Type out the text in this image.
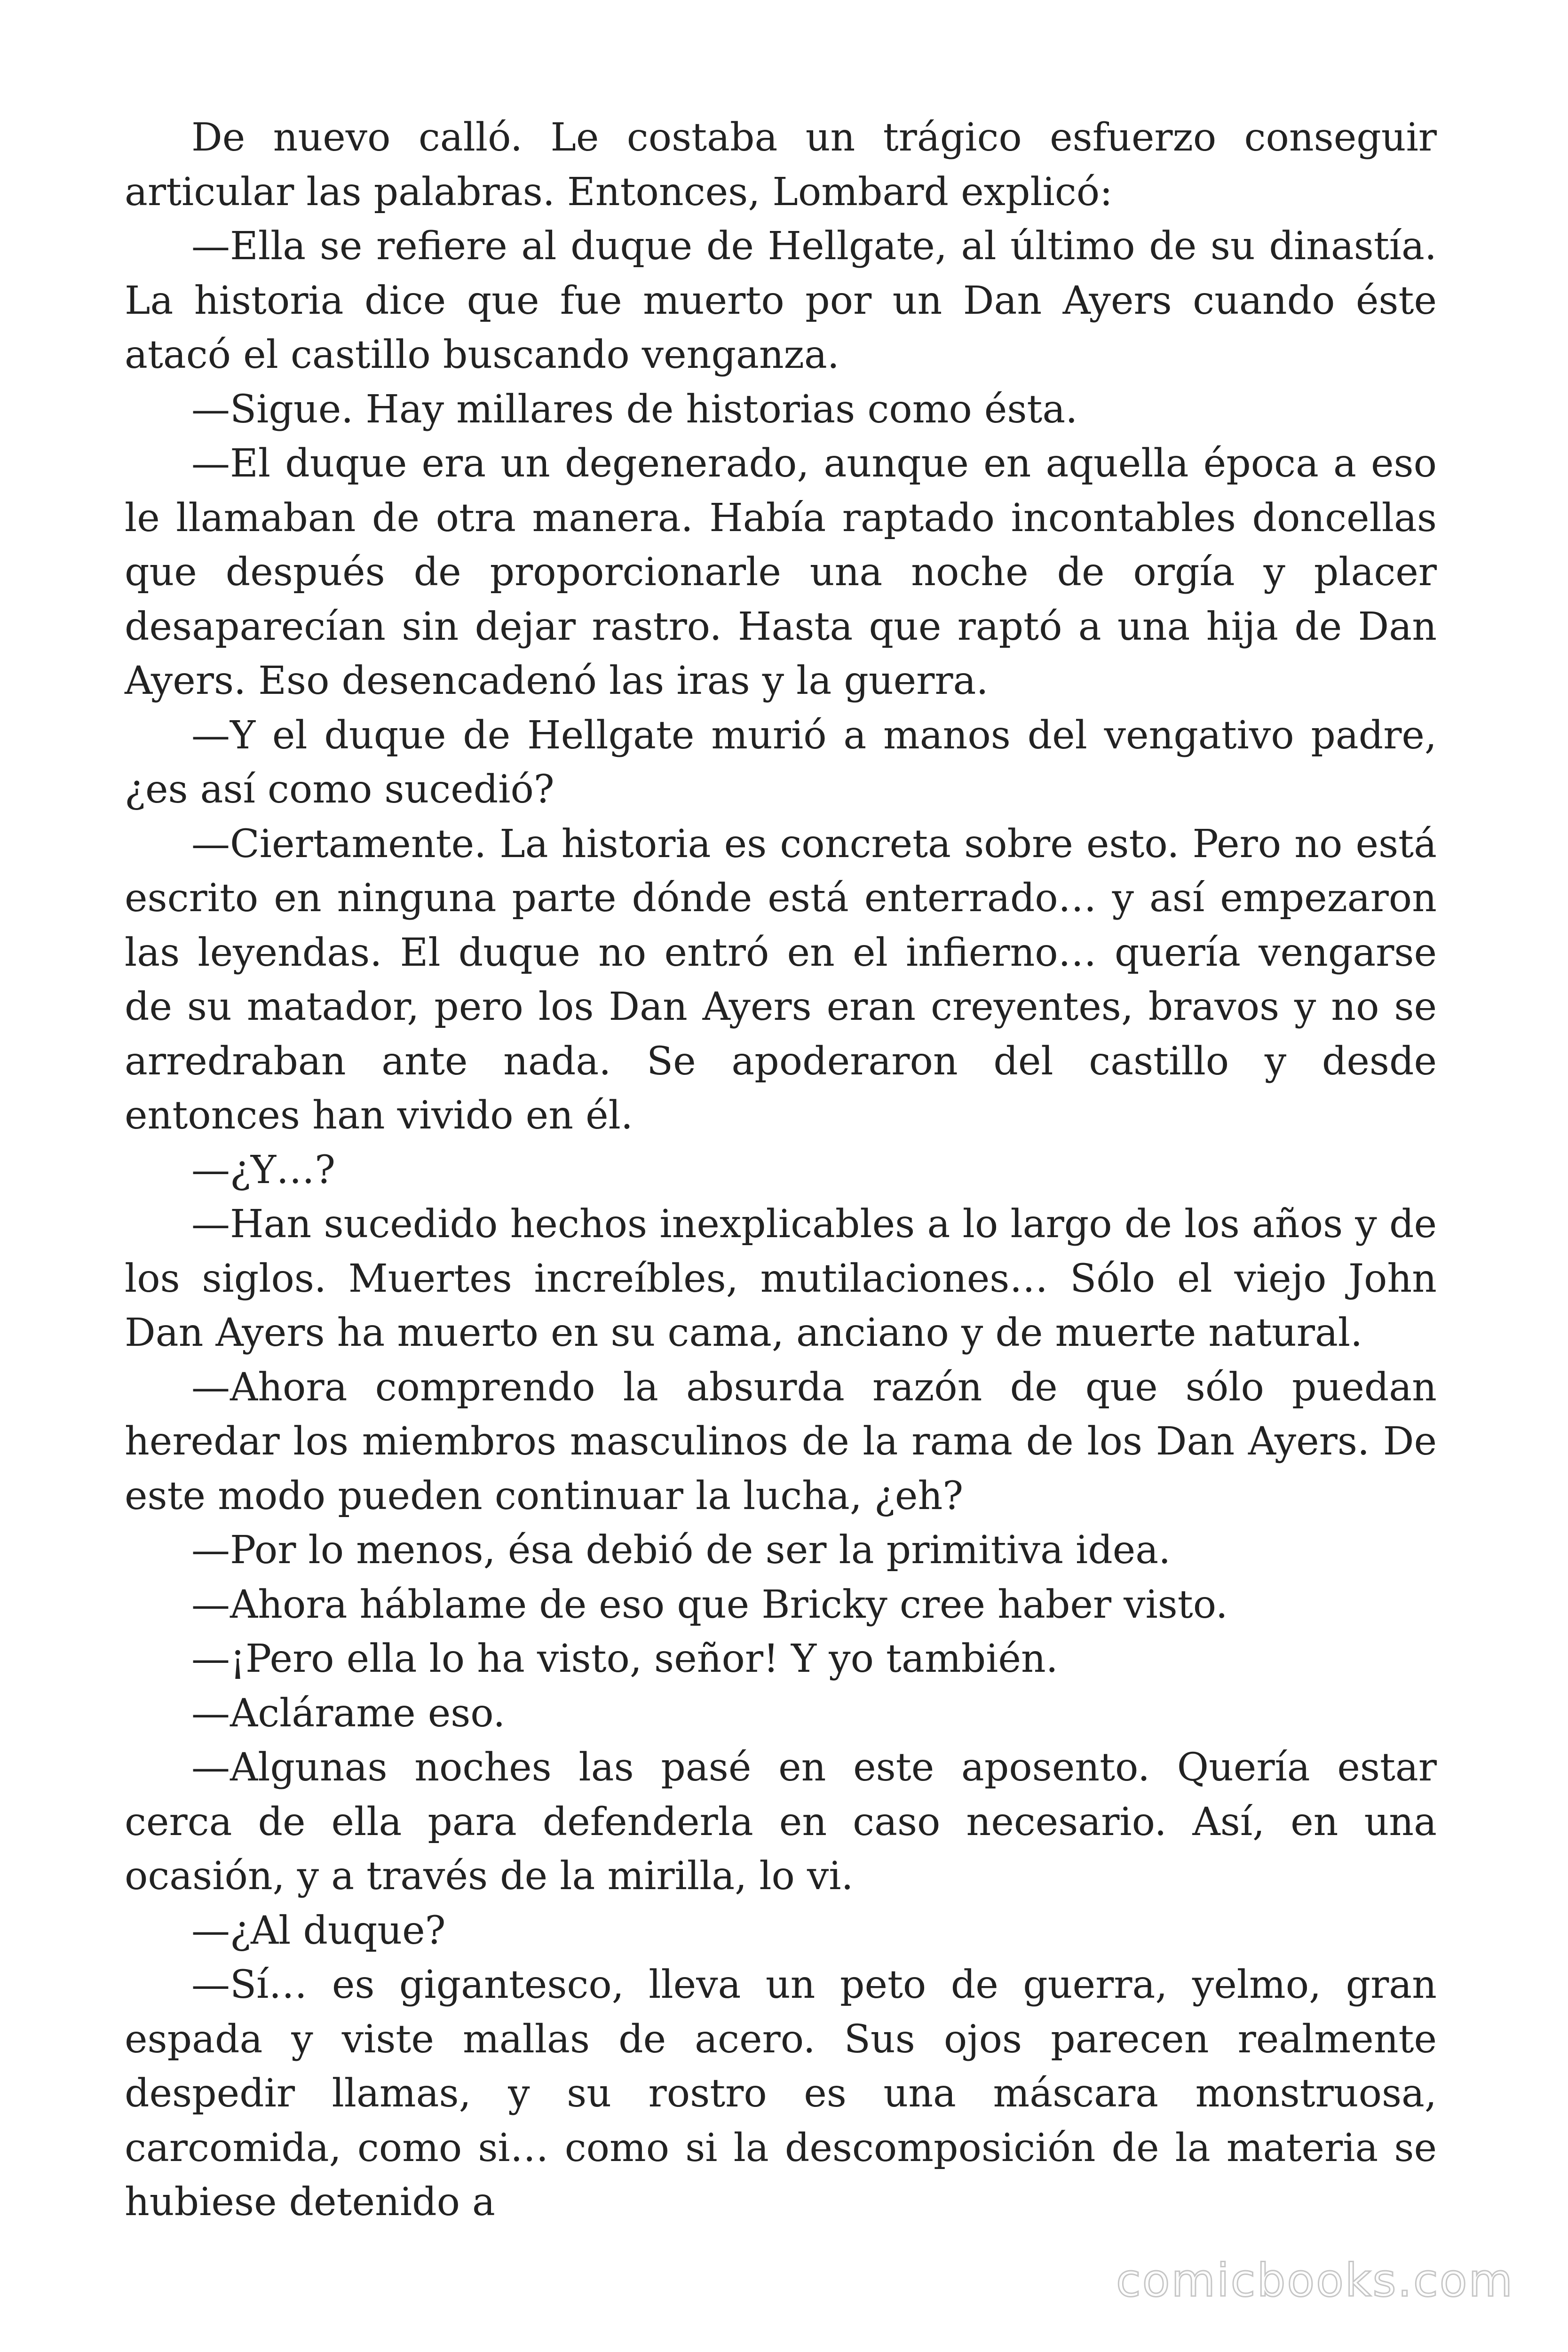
De nuevo calló. Le costaba un trágico esfuerzo conseguir articular las palabras. Entonces, Lombard explicó:

—Ella se refiere al duque de Hellgate, al último de su dinastía. La historia dice que fue muerto por un Dan Ayers cuando éste atacó el castillo buscando venganza.

—Sigue. Hay millares de historias como ésta.

—El duque era un degenerado, aunque en aquella época a eso le llamaban de otra manera. Había raptado incontables doncellas que después de proporcionarle una noche de orgía y placer desaparecían sin dejar rastro. Hasta que raptó a una hija de Dan Ayers. Eso desencadenó las iras y la guerra.

—Y el duque de Hellgate murió a manos del vengativo padre, ¿es así como sucedió?

—Ciertamente. La historia es concreta sobre esto. Pero no está escrito en ninguna parte dónde está enterrado… y así empezaron las leyendas. El duque no entró en el infierno… quería vengarse de su matador, pero los Dan Ayers eran creyentes, bravos y no se arredraban ante nada. Se apoderaron del castillo y desde entonces han vivido en él.

—¿Y…?

—Han sucedido hechos inexplicables a lo largo de los años y de los siglos. Muertes increíbles, mutilaciones… Sólo el viejo John Dan Ayers ha muerto en su cama, anciano y de muerte natural.

—Ahora comprendo la absurda razón de que sólo puedan heredar los miembros masculinos de la rama de los Dan Ayers. De este modo pueden continuar la lucha, ¿eh?

—Por lo menos, ésa debió de ser la primitiva idea.

—Ahora háblame de eso que Bricky cree haber visto.

—¡Pero ella lo ha visto, señor! Y yo también.

—Aclárame eso.

—Algunas noches las pasé en este aposento. Quería estar cerca de ella para defenderla en caso necesario. Así, en una ocasión, y a través de la mirilla, lo vi.

—¿Al duque?

—Sí… es gigantesco, lleva un peto de guerra, yelmo, gran espada y viste mallas de acero. Sus ojos parecen realmente despedir llamas, y su rostro es una máscara monstruosa, carcomida, como si… como si la descomposición de la materia se hubiese detenido a

comicbooks.com
